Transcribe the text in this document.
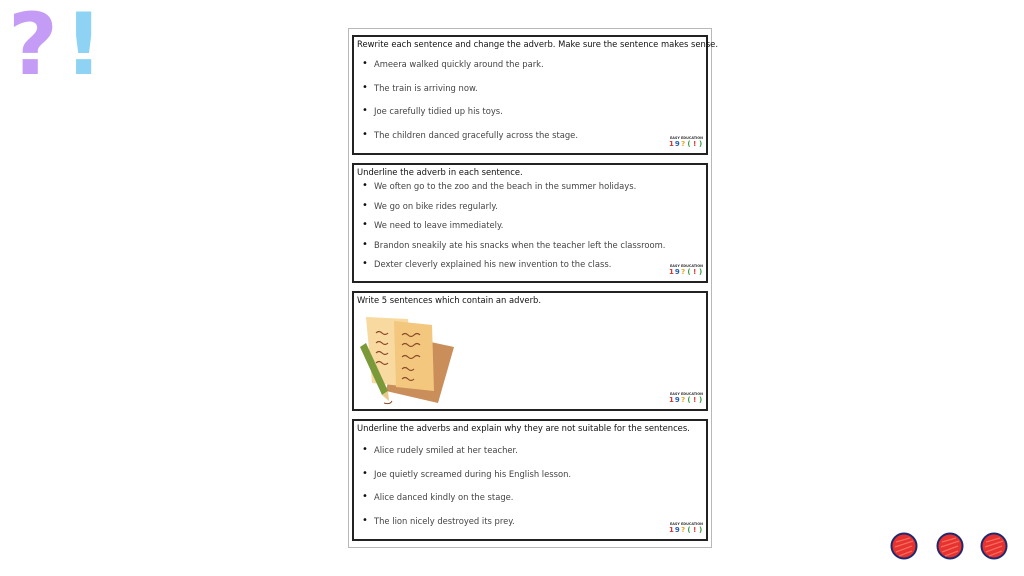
? !	Rewrite each sentence and change the adverb. Make sure the sentence makes sense.
• Ameera walked quickly around the park.
• The train is arriving now.
• Joe carefully tidied up his toys.
• The children danced gracefully across the stage.	EASY EDUCATION
1 9 ? ( ! )
Underline the adverb in each sentence.
• We often go to the zoo and the beach in the summer holidays.
• We go on bike rides regularly.
• We need to leave immediately.
• Brandon sneakily ate his snacks when the teacher left the classroom.
• Dexter cleverly explained his new invention to the class.	EASY EDUCATION
1 9 ? ( ! )
Write 5 sentences which contain an adverb.
EASY EDUCATION
1 9 ? ( ! )
Underline the adverbs and explain why they are not suitable for the sentences.
• Alice rudely smiled at her teacher.
• Joe quietly screamed during his English lesson.
• Alice danced kindly on the stage.
• The lion nicely destroyed its prey.	EASY EDUCATION
1 9 ? ( ! )
